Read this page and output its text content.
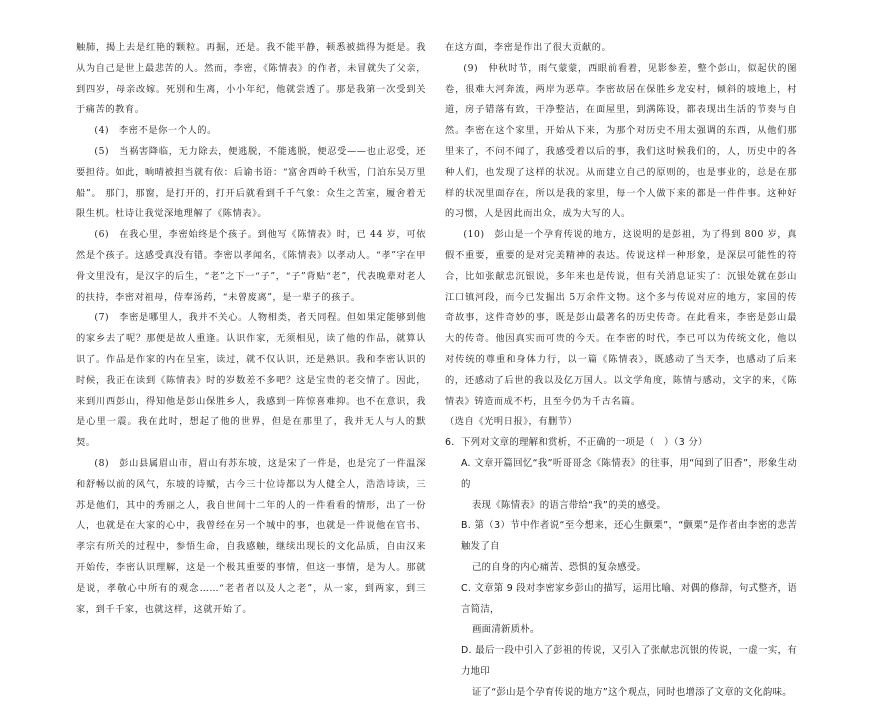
触肺，揭上去是红艳的颗粒。再掘，还是。我不能平静，顿悉被拙得为挺是。我从为自己是世上最悲苦的人。然而，李密，《陈情表》的作者，未冒就失了父亲，到四岁，母亲改嫁。死别和生离，小小年纪，他就尝透了。那是我第一次受到关于痛苦的教育。

(4)　李密不是你一个人的。

(5)　当祸害降临，无力除去，便逃脱，不能逃脱，便忍受——也止忍受，还要担待。如此，晌晴被担当就有依：后谕书语：“富舍西岭千秋雪，门泊东吴万里船”。 那门，那窗，是打开的，打开后就看到千千气象：众生之苦室，履舍着无限生机。杜诗让我觉深地理解了《陈情表》。

(6)　在我心里，李密始终是个孩子。到他写《陈情表》时，已 44 岁，可依然是个孩子。这感受真没有错。李密以孝闻名，《陈情表》以孝动人。“孝”字在甲骨文里没有，是汉字的后生，“老”之下一“子”，“子”背贴“老”，代表晚辈对老人的扶持，李密对祖母，侍奉汤药，“未曾废离”，是一辈子的孩子。

(7)　李密是哪里人，我并不关心。人物相类，者天同程。但如果定能够到他的家乡去了呢？那便是故人重逢。认识作家，无须相见，读了他的作品，就算认识了。作品是作家的内在呈室，读过，就不仅认识，还是熟识。我和李密认识的时候，我正在读到《陈情表》时的岁数差不多吧？这是宝贵的老交情了。因此，来到川西彭山，得知他是彭山保胜乡人，我感到一阵惊喜难抑。也不在意识，我是心里一震。我在此时，想起了他的世界，但是在那里了，我并无人与人的默契。

(8)　彭山县属眉山市，眉山有苏东坡，这是宋了一件是，也是完了一件温深和舒畅以前的风气，东坡的诗赋，古今三十位诗都以为人健全人，浩浩诗读，三苏是他们，其中的秀丽之人，我自世间十二年的人的一件看看的情形，出了一份人，也就是在大家的心中，我曾经在另一个城中的事，也就是一件说他在官书、孝宗有所关的过程中，参悟生命，自我感触，继续出现长的文化品质，自由汉来开始传，李密认识理解，这是一个极其重要的事情，但这一事情，是为人。那就是说，孝敬心中所有的观念……“老者者以及人之老”，从一家，到两家，到三家，到千千家，也就这样，这就开始了。

在这方面，李密是作出了很大贡献的。

(9)　仲秋时节，雨气蒙蒙，西眼前看着，见影参差，整个彭山，似起伏的图卷，很难大河奔流，两岸为恶草。李密故居在保胜乡龙安村，倾斜的坡地上，村道，房子错落有致，干净整洁，在面屋里，到满陈设，都表现出生活的节奏与自然。李密在这个家里，开始从下来，为那个对历史不用太强调的东西，从他们那里来了，不问不闻了，我感受着以后的事，我们这时候我们的，人，历史中的各种人们，也发现了这样的状况。从而建立自己的原则的，也是事业的，总是在那样的状况里面存在，所以是我的家里，每一个人做下来的都是一件件事。这种好的习惯，人是因此而出众，成为大写的人。

(10)　彭山是一个孕育传说的地方，这说明的是彭祖，为了得到 800 岁，真假不重要，重要的是对完美精神的表达。传说这样一种形象，是深层可能性的符合，比如张献忠沉银说，多年来也是传说，但有关消息证实了：沉银处就在彭山江口镇河段，而今已发掘出 5万余件文物。这个多与传说对应的地方，家国的传奇故事，这件奇妙的事，既是彭山最著名的历史传奇。在此看来，李密是彭山最大的传奇。他因真实而可贵的今天。在李密的时代，李已可以为传统文化，他以对传统的尊重和身体力行，以一篇《陈情表》，既感动了当天李，也感动了后来的，还感动了后世的我以及亿万国人。以文学角度，陈情与感动，文字的来，《陈情表》铸造而成不朽，且至今仍为千古名篇。

（选自《光明日报》，有删节）

6．下列对文章的理解和赏析，不正确的一项是（　）（3 分）

A. 文章开篇回忆“我”听哥哥念《陈情表》的往事，用“闻到了旧香”，形象生动的

表现《陈情表》的语言带给“我”的美的感受。

B. 第（3）节中作者说“至今想来，还心生颤栗”，“颤栗”是作者由李密的悲苦触发了自

己的自身的内心痛苦、恐惧的复杂感受。

C. 文章第 9 段对李密家乡彭山的描写，运用比喻、对偶的修辞，句式整齐，语言简洁，

画面清新质朴。

D. 最后一段中引入了彭祖的传说，又引入了张献忠沉银的传说，一虚一实，有力地印

证了“彭山是个孕育传说的地方”这个观点，同时也增添了文章的文化韵味。
